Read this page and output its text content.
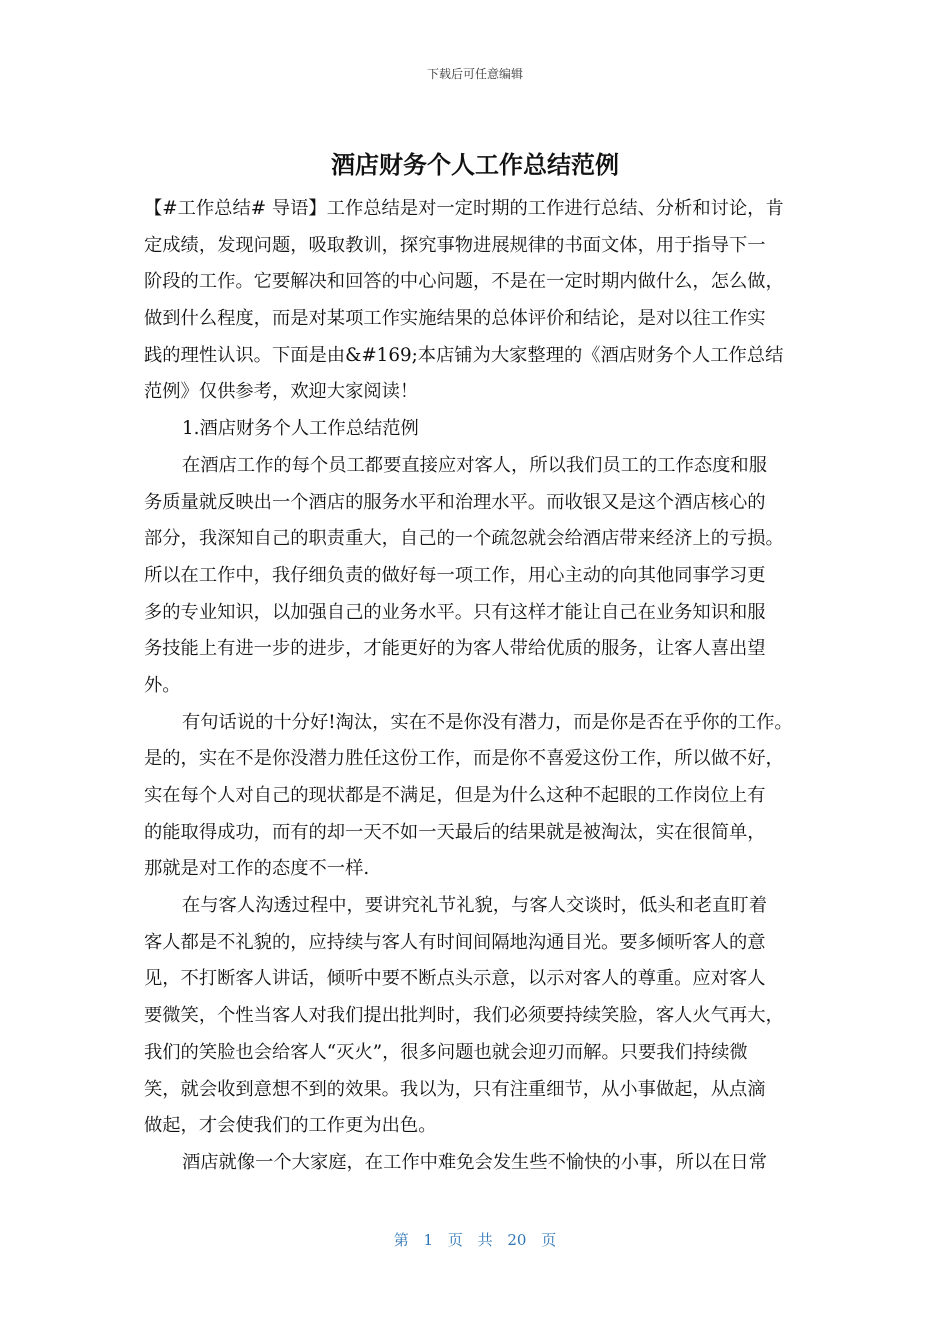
下载后可任意编辑
酒店财务个人工作总结范例
【#工作总结# 导语】工作总结是对一定时期的工作进行总结、分析和讨论，肯
定成绩，发现问题，吸取教训，探究事物进展规律的书面文体，用于指导下一
阶段的工作。它要解决和回答的中心问题，不是在一定时期内做什么，怎么做，
做到什么程度，而是对某项工作实施结果的总体评价和结论，是对以往工作实
践的理性认识。下面是由&#169;本店铺为大家整理的《酒店财务个人工作总结
范例》仅供参考，欢迎大家阅读！
1.酒店财务个人工作总结范例
在酒店工作的每个员工都要直接应对客人，所以我们员工的工作态度和服
务质量就反映出一个酒店的服务水平和治理水平。而收银又是这个酒店核心的
部分，我深知自己的职责重大，自己的一个疏忽就会给酒店带来经济上的亏损。
所以在工作中，我仔细负责的做好每一项工作，用心主动的向其他同事学习更
多的专业知识，以加强自己的业务水平。只有这样才能让自己在业务知识和服
务技能上有进一步的进步，才能更好的为客人带给优质的服务，让客人喜出望
外。
有句话说的十分好!淘汰，实在不是你没有潜力，而是你是否在乎你的工作。
是的，实在不是你没潜力胜任这份工作，而是你不喜爱这份工作，所以做不好，
实在每个人对自己的现状都是不满足，但是为什么这种不起眼的工作岗位上有
的能取得成功，而有的却一天不如一天最后的结果就是被淘汰，实在很简单，
那就是对工作的态度不一样.
在与客人沟透过程中，要讲究礼节礼貌，与客人交谈时，低头和老直盯着
客人都是不礼貌的，应持续与客人有时间间隔地沟通目光。要多倾听客人的意
见，不打断客人讲话，倾听中要不断点头示意，以示对客人的尊重。应对客人
要微笑，个性当客人对我们提出批判时，我们必须要持续笑脸，客人火气再大，
我们的笑脸也会给客人“灭火”，很多问题也就会迎刃而解。只要我们持续微
笑，就会收到意想不到的效果。我以为，只有注重细节，从小事做起，从点滴
做起，才会使我们的工作更为出色。
酒店就像一个大家庭，在工作中难免会发生些不愉快的小事，所以在日常
第 1 页 共 20 页
